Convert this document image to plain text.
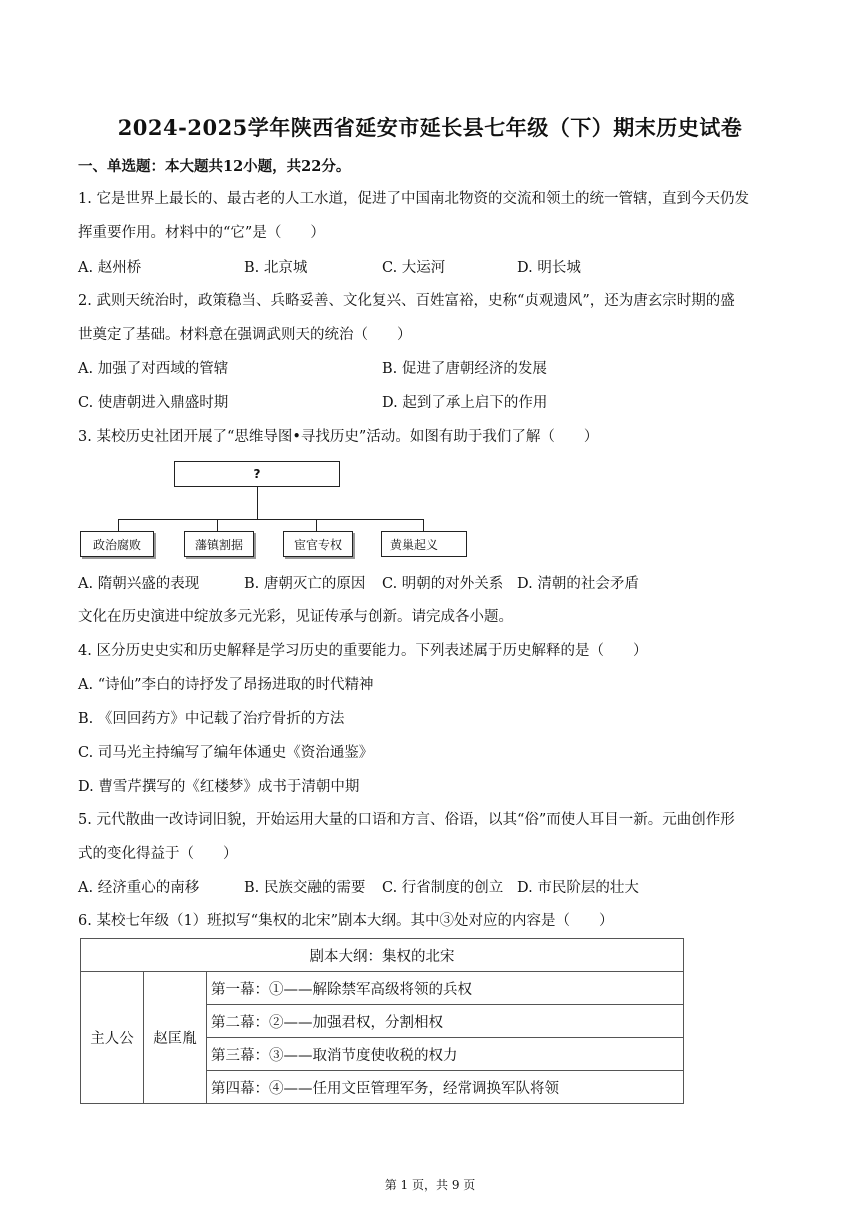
2024-2025学年陕西省延安市延长县七年级（下）期末历史试卷
一、单选题：本大题共12小题，共22分。
1. 它是世界上最长的、最古老的人工水道，促进了中国南北物资的交流和领土的统一管辖，直到今天仍发
挥重要作用。材料中的“它”是（　　）
A. 赵州桥	B. 北京城	C. 大运河	D. 明长城
2. 武则天统治时，政策稳当、兵略妥善、文化复兴、百姓富裕，史称“贞观遗风”，还为唐玄宗时期的盛
世奠定了基础。材料意在强调武则天的统治（　　）
A. 加强了对西域的管辖	B. 促进了唐朝经济的发展
C. 使唐朝进入鼎盛时期	D. 起到了承上启下的作用
3. 某校历史社团开展了“思维导图•寻找历史”活动。如图有助于我们了解（　　）
?
政治腐败	藩镇割据	宦官专权	黄巢起义
A. 隋朝兴盛的表现	B. 唐朝灭亡的原因 C. 明朝的对外关系 D. 清朝的社会矛盾
文化在历史演进中绽放多元光彩，见证传承与创新。请完成各小题。
4. 区分历史史实和历史解释是学习历史的重要能力。下列表述属于历史解释的是（　　）
A. “诗仙”李白的诗抒发了昂扬进取的时代精神
B. 《回回药方》中记载了治疗骨折的方法
C. 司马光主持编写了编年体通史《资治通鉴》
D. 曹雪芹撰写的《红楼梦》成书于清朝中期
5. 元代散曲一改诗词旧貌，开始运用大量的口语和方言、俗语，以其“俗”而使人耳目一新。元曲创作形
式的变化得益于（　　）
A. 经济重心的南移	B. 民族交融的需要 C. 行省制度的创立 D. 市民阶层的壮大
6. 某校七年级（1）班拟写“集权的北宋”剧本大纲。其中③处对应的内容是（　　）
剧本大纲：集权的北宋
主人公	赵匡胤	第一幕：①——解除禁军高级将领的兵权
第二幕：②——加强君权，分割相权
第三幕：③——取消节度使收税的权力
第四幕：④——任用文臣管理军务，经常调换军队将领
第 1 页，共 9 页
